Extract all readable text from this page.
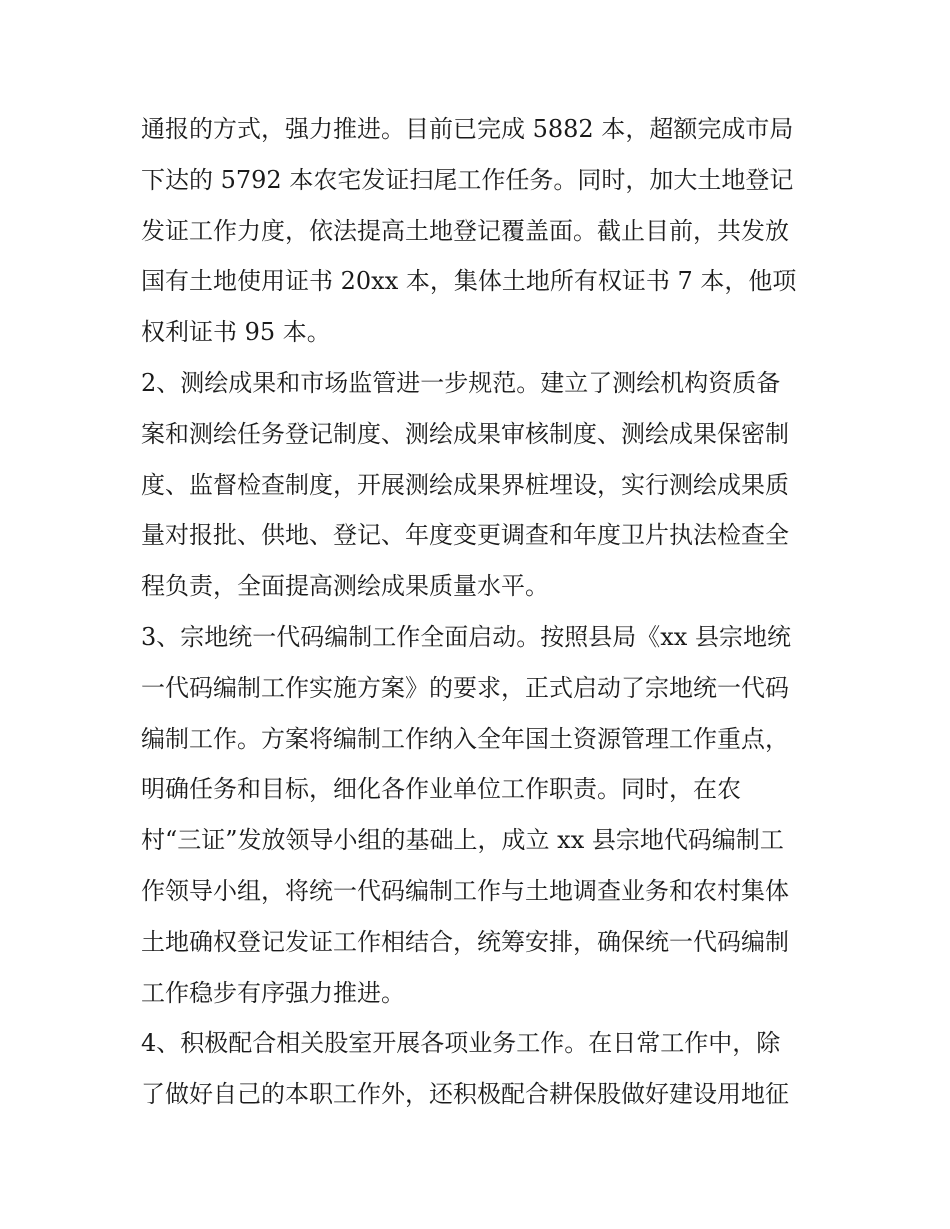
通报的方式，强力推进。目前已完成 5882 本，超额完成市局
下达的 5792 本农宅发证扫尾工作任务。同时，加大土地登记
发证工作力度，依法提高土地登记覆盖面。截止目前，共发放
国有土地使用证书 20xx 本，集体土地所有权证书 7 本，他项
权利证书 95 本。
2、测绘成果和市场监管进一步规范。建立了测绘机构资质备
案和测绘任务登记制度、测绘成果审核制度、测绘成果保密制
度、监督检查制度，开展测绘成果界桩埋设，实行测绘成果质
量对报批、供地、登记、年度变更调查和年度卫片执法检查全
程负责，全面提高测绘成果质量水平。
3、宗地统一代码编制工作全面启动。按照县局《xx 县宗地统
一代码编制工作实施方案》的要求，正式启动了宗地统一代码
编制工作。方案将编制工作纳入全年国土资源管理工作重点，
明确任务和目标，细化各作业单位工作职责。同时，在农
村“三证”发放领导小组的基础上，成立 xx 县宗地代码编制工
作领导小组，将统一代码编制工作与土地调查业务和农村集体
土地确权登记发证工作相结合，统筹安排，确保统一代码编制
工作稳步有序强力推进。
4、积极配合相关股室开展各项业务工作。在日常工作中，除
了做好自己的本职工作外，还积极配合耕保股做好建设用地征
